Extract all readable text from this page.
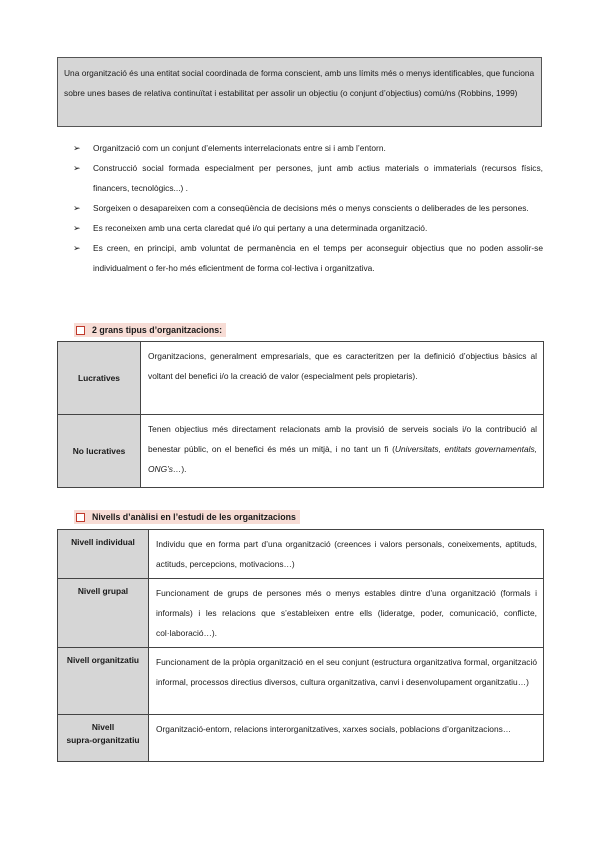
Una organització és una entitat social coordinada de forma conscient, amb uns límits més o menys identificables, que funciona sobre unes bases de relativa continuïtat i estabilitat per assolir un objectiu (o conjunt d’objectius) comú/ns (Robbins, 1999)
➢ Organització com un conjunt d’elements interrelacionats entre si i amb l’entorn.
➢ Construcció social formada especialment per persones, junt amb actius materials o immaterials (recursos físics, financers, tecnològics...) .
➢ Sorgeixen o desapareixen com a conseqüència de decisions més o menys conscients o deliberades de les persones.
➢ Es reconeixen amb una certa claredat qué i/o qui pertany a una determinada organització.
➢ Es creen, en principi, amb voluntat de permanència en el temps per aconseguir objectius que no poden assolir-se individualment o fer-ho més eficientment de forma col·lectiva i organitzativa.
2 grans tipus d’organitzacions:
Lucratives	Organitzacions, generalment empresarials, que es caracteritzen per la definició d’objectius bàsics al voltant del benefici i/o la creació de valor (especialment pels propietaris).
No lucratives	Tenen objectius més directament relacionats amb la provisió de serveis socials i/o la contribució al benestar públic, on el benefici és més un mitjà, i no tant un fi (Universitats, entitats governamentals, ONG’s…).
Nivells d’anàlisi en l’estudi de les organitzacions
Nivell individual	Individu que en forma part d’una organització (creences i valors personals, coneixements, aptituds, actituds, percepcions, motivacions…)
Nivell grupal	Funcionament de grups de persones més o menys estables dintre d’una organització (formals i informals) i les relacions que s’estableixen entre ells (lideratge, poder, comunicació, conflicte, col·laboració…).
Nivell organitzatiu	Funcionament de la pròpia organització en el seu conjunt (estructura organitzativa formal, organització informal, processos directius diversos, cultura organitzativa, canvi i desenvolupament organitzatiu…)
Nivell
supra-organitzatiu	Organització-entorn, relacions interorganitzatives, xarxes socials, poblacions d’organitzacions…
